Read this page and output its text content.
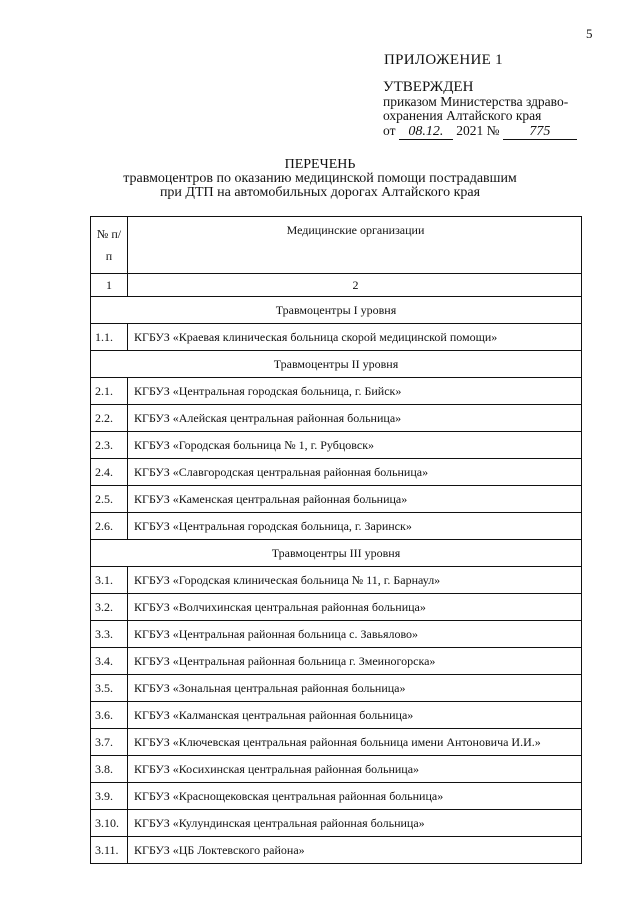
5
ПРИЛОЖЕНИЕ 1
УТВЕРЖДЕН
приказом Министерства здраво-
охранения Алтайского края
от 08.12. 2021 № 775
ПЕРЕЧЕНЬ
травмоцентров по оказанию медицинской помощи пострадавшим
при ДТП на автомобильных дорогах Алтайского края
№ п/п	Медицинские организации
1	2
Травмоцентры I уровня	
1.1.	КГБУЗ «Краевая клиническая больница скорой медицинской помощи»
Травмоцентры II уровня	
2.1.	КГБУЗ «Центральная городская больница, г. Бийск»
2.2.	КГБУЗ «Алейская центральная районная больница»
2.3.	КГБУЗ «Городская больница № 1, г. Рубцовск»
2.4.	КГБУЗ «Славгородская центральная районная больница»
2.5.	КГБУЗ «Каменская центральная районная больница»
2.6.	КГБУЗ «Центральная городская больница, г. Заринск»
Травмоцентры III уровня	
3.1.	КГБУЗ «Городская клиническая больница № 11, г. Барнаул»
3.2.	КГБУЗ «Волчихинская центральная районная больница»
3.3.	КГБУЗ «Центральная районная больница с. Завьялово»
3.4.	КГБУЗ «Центральная районная больница г. Змеиногорска»
3.5.	КГБУЗ «Зональная центральная районная больница»
3.6.	КГБУЗ «Калманская центральная районная больница»
3.7.	КГБУЗ «Ключевская центральная районная больница имени Антоновича И.И.»
3.8.	КГБУЗ «Косихинская центральная районная больница»
3.9.	КГБУЗ «Краснощековская центральная районная больница»
3.10.	КГБУЗ «Кулундинская центральная районная больница»
3.11.	КГБУЗ «ЦБ Локтевского района»
